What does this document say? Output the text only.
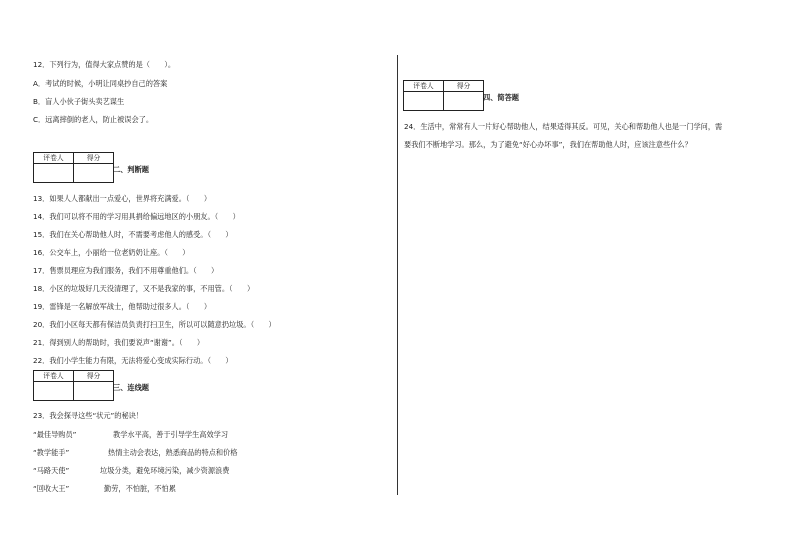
12．下列行为，值得大家点赞的是（　　）。
A．考试的时候，小明让同桌抄自己的答案
B．盲人小伙子街头卖艺谋生
C．远离摔倒的老人，防止被误会了。
评卷人	得分

二、判断题
13．如果人人都献出一点爱心，世界将充满爱。（　　）
14．我们可以将不用的学习用具捐给偏远地区的小朋友。（　　）
15．我们在关心帮助他人时，不需要考虑他人的感受。（　　）
16．公交车上，小丽给一位老奶奶让座。（　　）
17．售票员理应为我们服务，我们不用尊重他们。（　　）
18．小区的垃圾好几天没清理了，又不是我家的事，不用管。（　　）
19．雷锋是一名解放军战士，他帮助过很多人。（　　）
20．我们小区每天都有保洁员负责打扫卫生，所以可以随意扔垃圾。（　　）
21．得到别人的帮助时，我们要说声“谢谢”。（　　）
22．我们小学生能力有限，无法将爱心变成实际行动。（　　）
评卷人	得分

三、连线题
23．我会探寻这些“状元”的秘诀！
“最佳导购员”	教学水平高，善于引导学生高效学习
“教学能手”	热情主动会表达，熟悉商品的特点和价格
“马路天使”	垃圾分类，避免环境污染，减少资源浪费
“回收大王”	勤劳，不怕脏，不怕累
评卷人	得分

四、简答题
24．生活中，常常有人一片好心帮助他人，结果适得其反。可见，关心和帮助他人也是一门学问，需
要我们不断地学习。那么，为了避免“好心办坏事”，我们在帮助他人时，应该注意些什么？
